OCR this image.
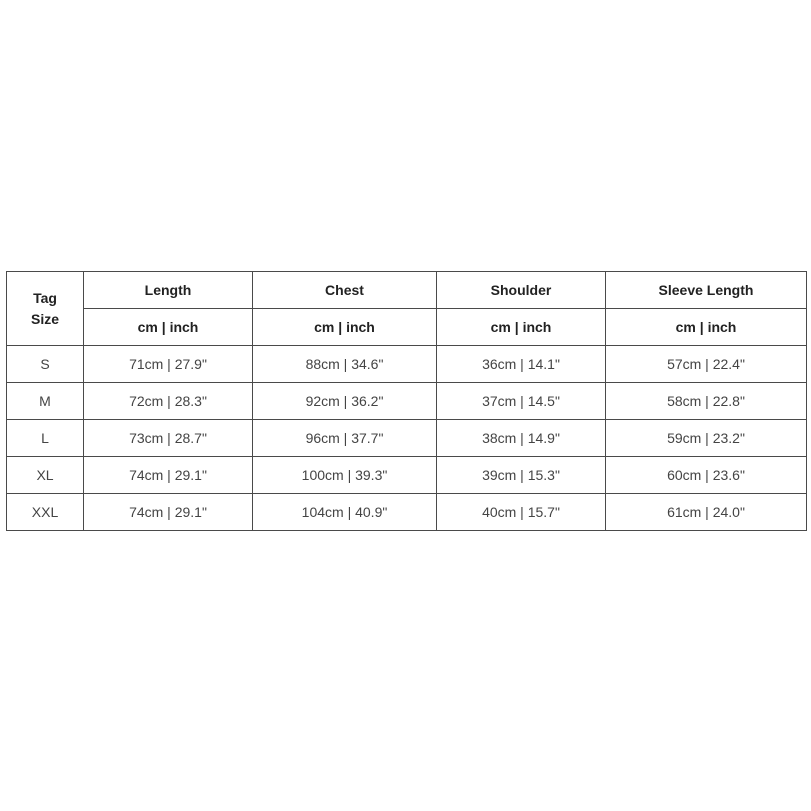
Tag
Size	Length	Chest	Shoulder	Sleeve Length
	cm | inch	cm | inch	cm | inch	cm | inch
S	71cm | 27.9"	88cm | 34.6"	36cm | 14.1"	57cm | 22.4"
M	72cm | 28.3"	92cm | 36.2"	37cm | 14.5"	58cm | 22.8"
L	73cm | 28.7"	96cm | 37.7"	38cm | 14.9"	59cm | 23.2"
XL	74cm | 29.1"	100cm | 39.3"	39cm | 15.3"	60cm | 23.6"
XXL	74cm | 29.1"	104cm | 40.9"	40cm | 15.7"	61cm | 24.0"
